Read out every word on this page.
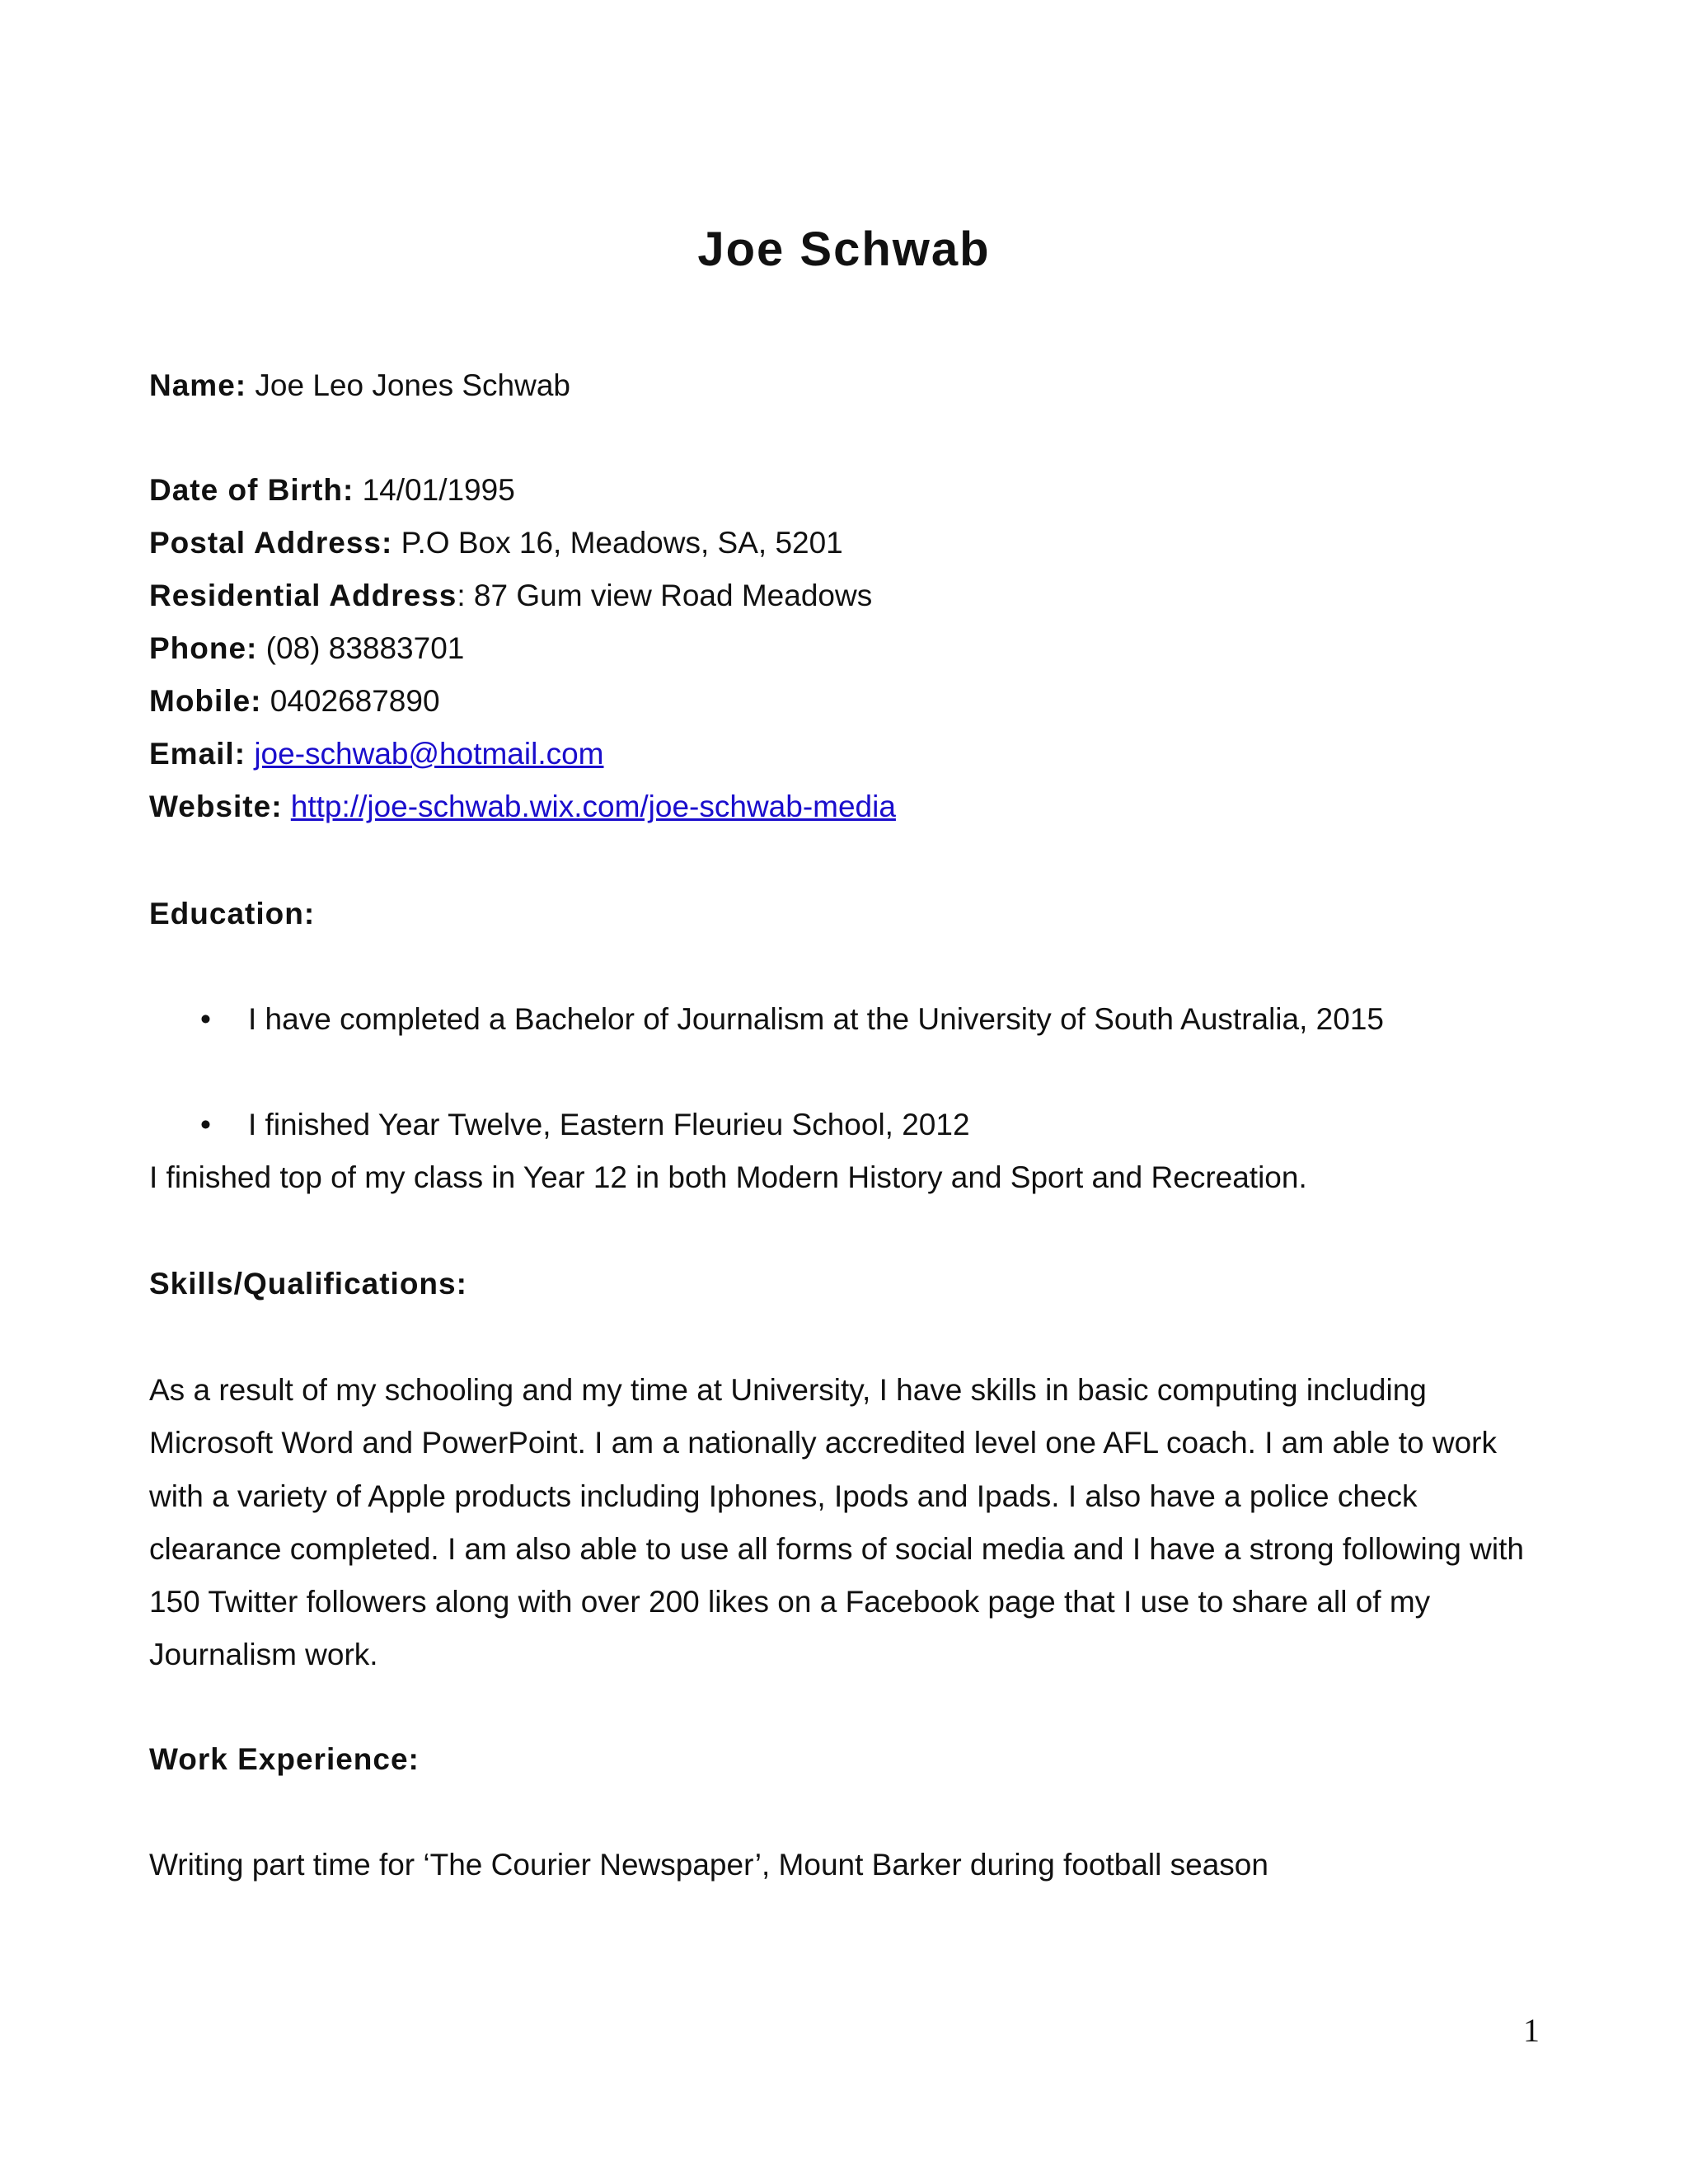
Joe Schwab
Name: Joe Leo Jones Schwab
Date of Birth: 14/01/1995
Postal Address: P.O Box 16, Meadows, SA, 5201
Residential Address: 87 Gum view Road Meadows
Phone: (08) 83883701
Mobile: 0402687890
Email: joe-schwab@hotmail.com
Website: http://joe-schwab.wix.com/joe-schwab-media
Education:
• I have completed a Bachelor of Journalism at the University of South Australia, 2015
• I finished Year Twelve, Eastern Fleurieu School, 2012
I finished top of my class in Year 12 in both Modern History and Sport and Recreation.
Skills/Qualifications:
As a result of my schooling and my time at University, I have skills in basic computing including Microsoft Word and PowerPoint. I am a nationally accredited level one AFL coach. I am able to work with a variety of Apple products including Iphones, Ipods and Ipads. I also have a police check clearance completed. I am also able to use all forms of social media and I have a strong following with 150 Twitter followers along with over 200 likes on a Facebook page that I use to share all of my Journalism work.
Work Experience:
Writing part time for ‘The Courier Newspaper’, Mount Barker during football season
1
